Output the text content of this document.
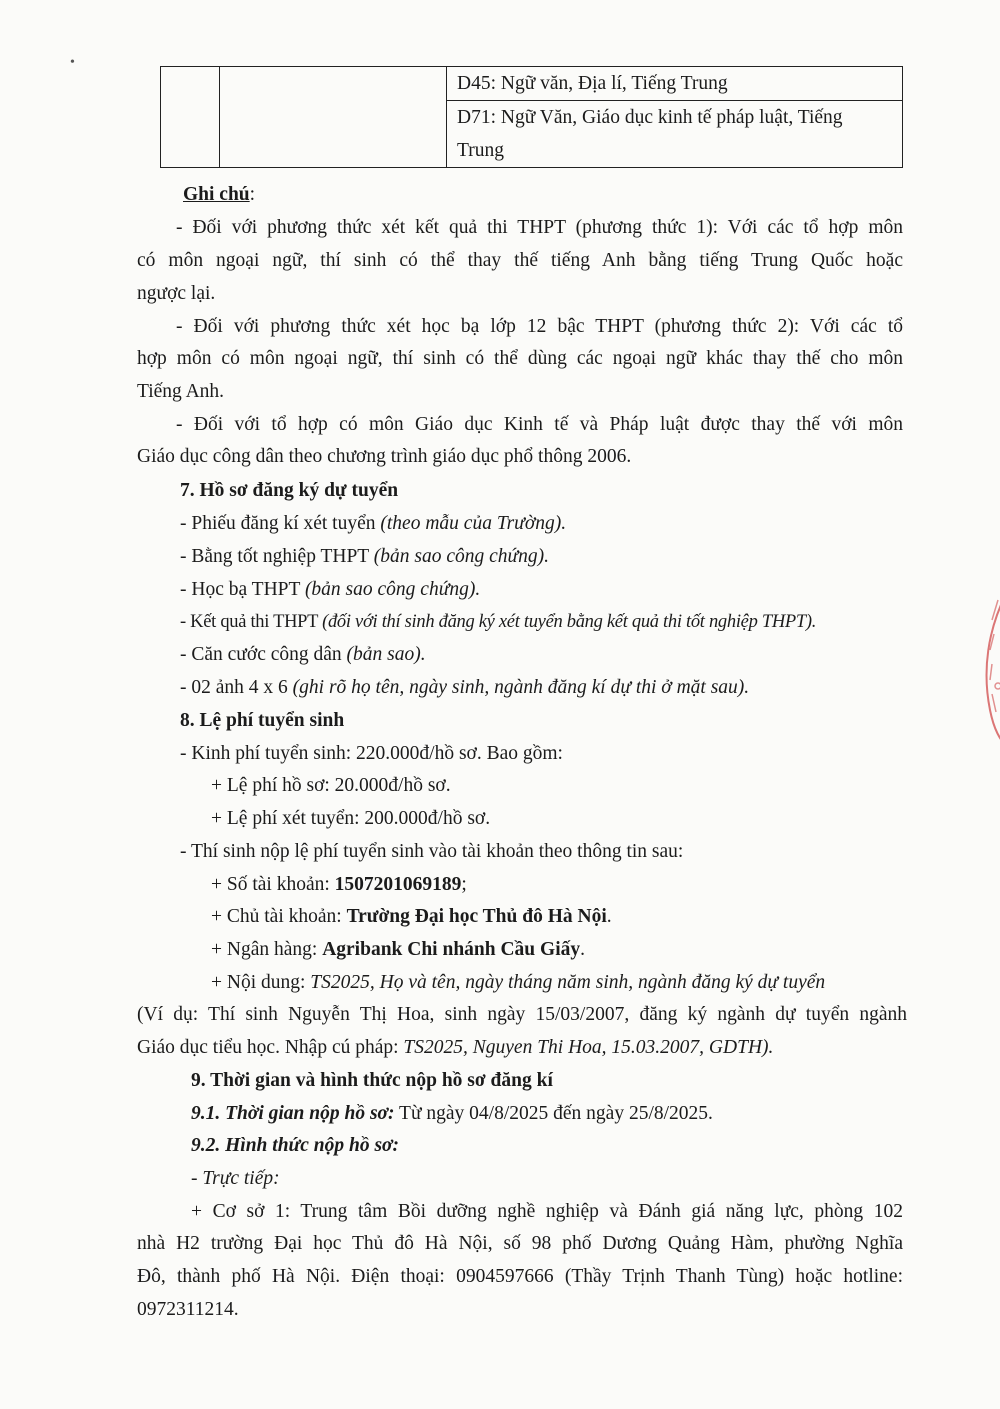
		D45: Ngữ văn, Địa lí, Tiếng Trung
D71: Ngữ Văn, Giáo dục kinh tế pháp luật, Tiếng
Trung
Ghi chú:
- Đối với phương thức xét kết quả thi THPT (phương thức 1): Với các tổ hợp môn
có môn ngoại ngữ, thí sinh có thể thay thế tiếng Anh bằng tiếng Trung Quốc hoặc
ngược lại.
- Đối với phương thức xét học bạ lớp 12 bậc THPT (phương thức 2): Với các tổ
hợp môn có môn ngoại ngữ, thí sinh có thể dùng các ngoại ngữ khác thay thế cho môn
Tiếng Anh.
- Đối với tổ hợp có môn Giáo dục Kinh tế và Pháp luật được thay thế với môn
Giáo dục công dân theo chương trình giáo dục phổ thông 2006.
7. Hồ sơ đăng ký dự tuyển
- Phiếu đăng kí xét tuyển (theo mẫu của Trường).
- Bằng tốt nghiệp THPT (bản sao công chứng).
- Học bạ THPT (bản sao công chứng).
- Kết quả thi THPT (đối với thí sinh đăng ký xét tuyển bằng kết quả thi tốt nghiệp THPT).
- Căn cước công dân (bản sao).
- 02 ảnh 4 x 6 (ghi rõ họ tên, ngày sinh, ngành đăng kí dự thi ở mặt sau).
8. Lệ phí tuyển sinh
- Kinh phí tuyển sinh: 220.000đ/hồ sơ. Bao gồm:
+ Lệ phí hồ sơ: 20.000đ/hồ sơ.
+ Lệ phí xét tuyển: 200.000đ/hồ sơ.
- Thí sinh nộp lệ phí tuyển sinh vào tài khoản theo thông tin sau:
+ Số tài khoản: 1507201069189;
+ Chủ tài khoản: Trường Đại học Thủ đô Hà Nội.
+ Ngân hàng: Agribank Chi nhánh Cầu Giấy.
+ Nội dung: TS2025, Họ và tên, ngày tháng năm sinh, ngành đăng ký dự tuyển
(Ví dụ: Thí sinh Nguyễn Thị Hoa, sinh ngày 15/03/2007, đăng ký ngành dự tuyển ngành
Giáo dục tiểu học. Nhập cú pháp: TS2025, Nguyen Thi Hoa, 15.03.2007, GDTH).
9. Thời gian và hình thức nộp hồ sơ đăng kí
9.1. Thời gian nộp hồ sơ: Từ ngày 04/8/2025 đến ngày 25/8/2025.
9.2. Hình thức nộp hồ sơ:
- Trực tiếp:
+ Cơ sở 1: Trung tâm Bồi dưỡng nghề nghiệp và Đánh giá năng lực, phòng 102
nhà H2 trường Đại học Thủ đô Hà Nội, số 98 phố Dương Quảng Hàm, phường Nghĩa
Đô, thành phố Hà Nội. Điện thoại: 0904597666 (Thầy Trịnh Thanh Tùng) hoặc hotline:
0972311214.
•
